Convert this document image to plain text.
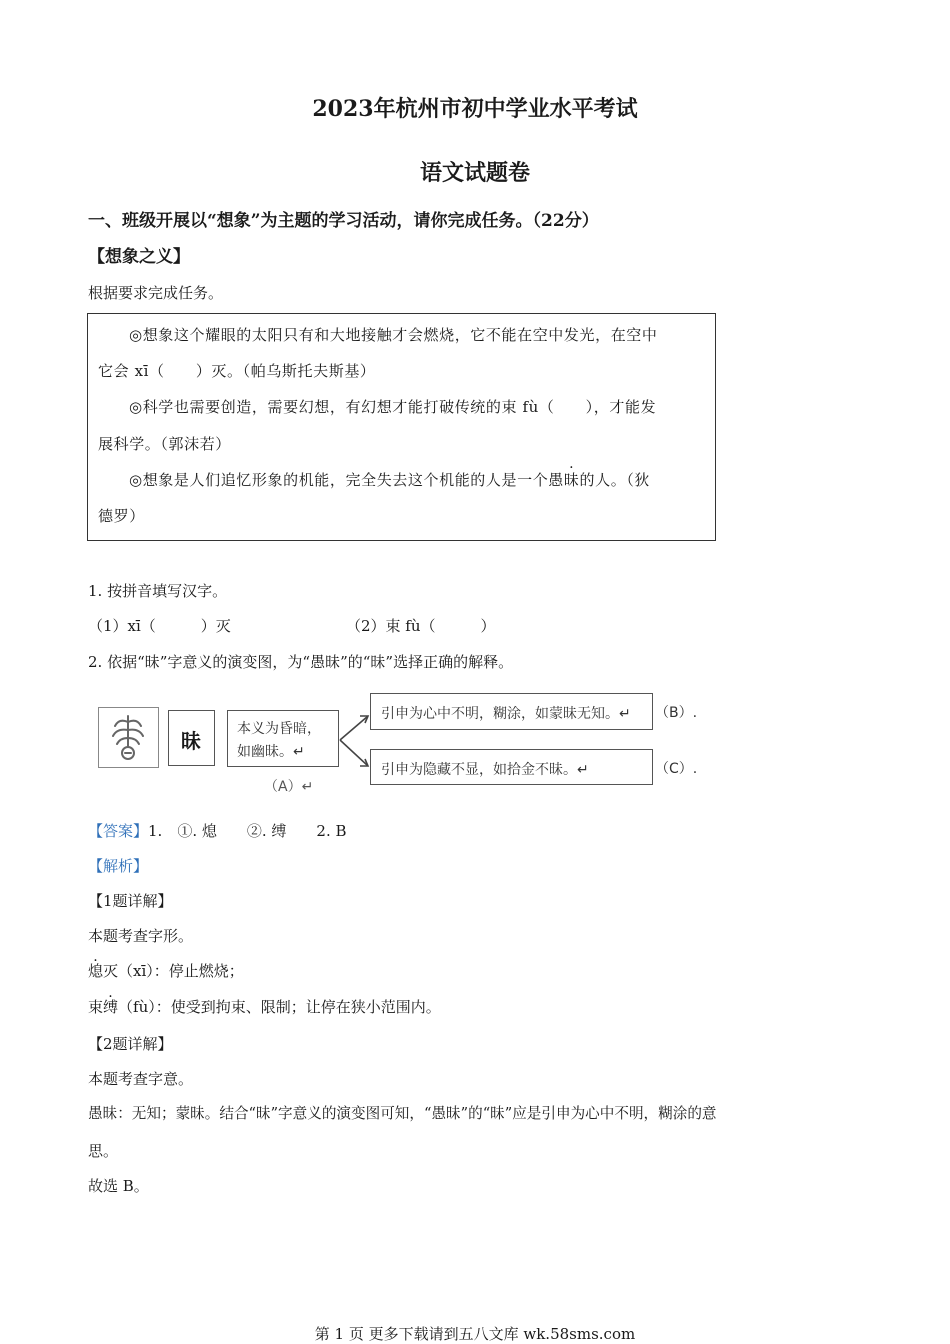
2023年杭州市初中学业水平考试
语文试题卷
一、班级开展以“想象”为主题的学习活动，请你完成任务。（22分）
【想象之义】
根据要求完成任务。
◎想象这个耀眼的太阳只有和大地接触才会燃烧，它不能在空中发光，在空中
它会 xī（　　）灭。（帕乌斯托夫斯基）
◎科学也需要创造，需要幻想，有幻想才能打破传统的束 fù（　　），才能发
展科学。（郭沫若）
◎想象是人们追忆形象的机能，完全失去这个机能的人是一个愚昧的人。（狄
德罗）
1. 按拼音填写汉字。
（1）xī（　　　）灭	（2）束 fù（　　　）
2. 依据“昧”字意义的演变图，为“愚昧”的“昧”选择正确的解释。
昧	本义为昏暗，
如幽昧。↵
（A）↵
引申为心中不明，糊涂，如蒙昧无知。↵ （B）.
引申为隐藏不显，如拾金不昧。↵	（C）.
【答案】1.　①. 熄　　②. 缚　　2. B
【解析】
【1题详解】
本题考查字形。
熄灭（xī）：停止燃烧；
束缚（fù）：使受到拘束、限制；让停在狭小范围内。
【2题详解】
本题考查字意。
愚昧：无知；蒙昧。结合“昧”字意义的演变图可知，“愚昧”的“昧”应是引申为心中不明，糊涂的意
思。
故选 B。
第 1 页 更多下载请到五八文库 wk.58sms.com
